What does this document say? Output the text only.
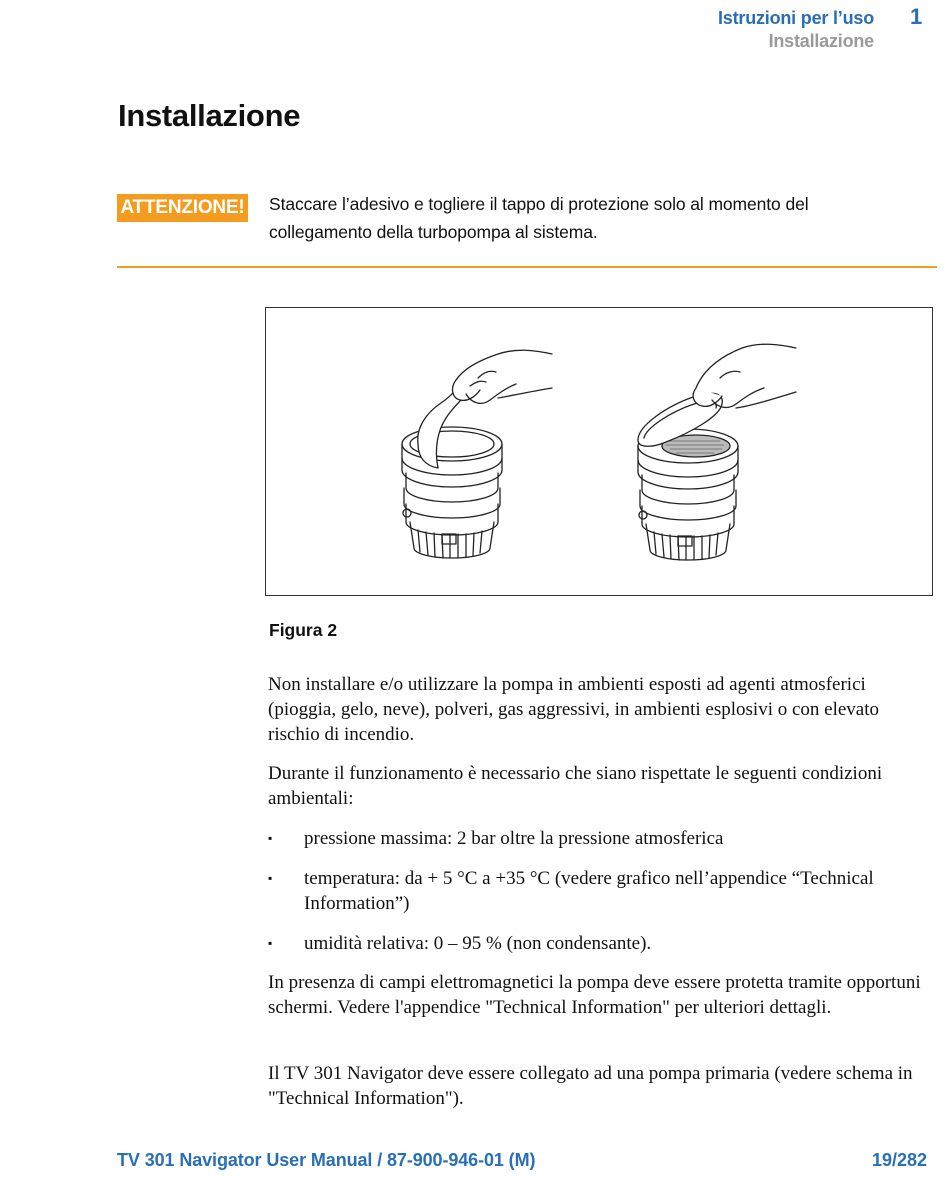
Istruzioni per l’uso
Installazione
1
Installazione
ATTENZIONE! Staccare l’adesivo e togliere il tappo di protezione solo al momento del collegamento della turbopompa al sistema.
Figura 2

Non installare e/o utilizzare la pompa in ambienti esposti ad agenti atmosferici (pioggia, gelo, neve), polveri, gas aggressivi, in ambienti esplosivi o con elevato rischio di incendio.

Durante il funzionamento è necessario che siano rispettate le seguenti condizioni ambientali:

▪ pressione massima: 2 bar oltre la pressione atmosferica
▪ temperatura: da + 5 °C a +35 °C (vedere grafico nell’appendice “Technical Information”)
▪ umidità relativa: 0 – 95 % (non condensante).

In presenza di campi elettromagnetici la pompa deve essere protetta tramite opportuni schermi. Vedere l'appendice "Technical Information" per ulteriori dettagli.

Il TV 301 Navigator deve essere collegato ad una pompa primaria (vedere schema in "Technical Information").

TV 301 Navigator User Manual / 87-900-946-01 (M)	19/282
